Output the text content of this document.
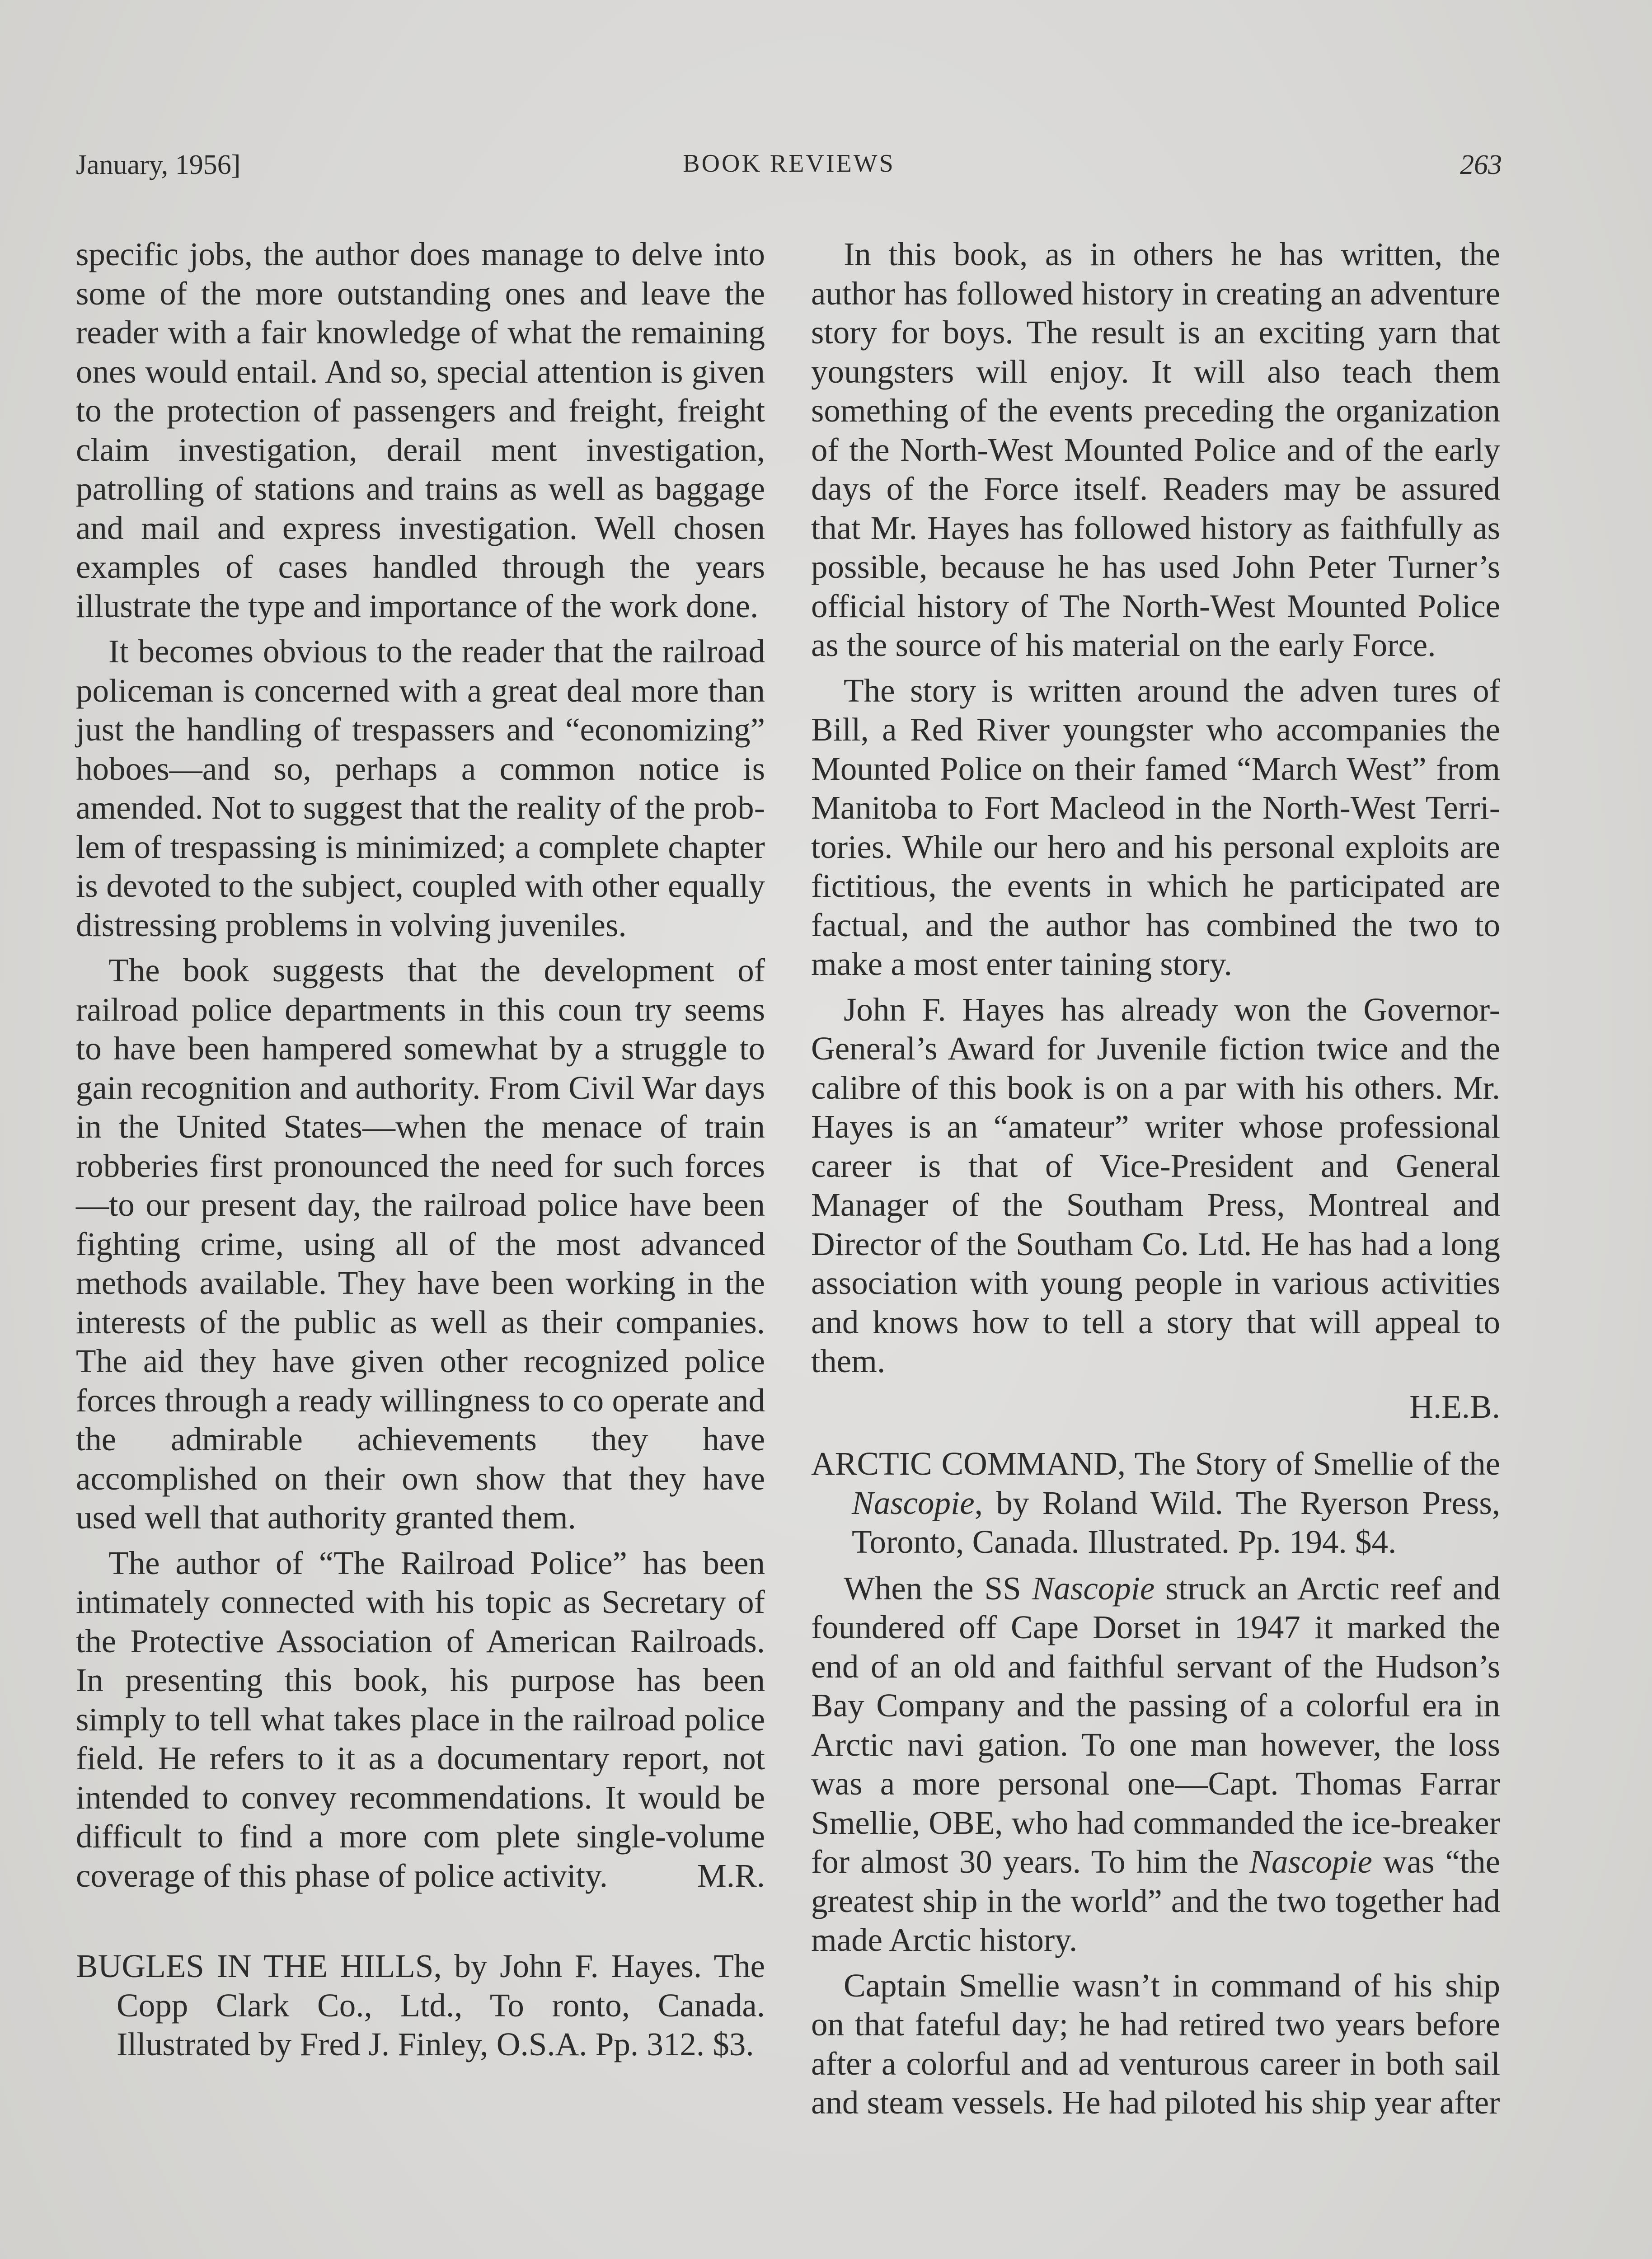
January, 1956]	BOOK REVIEWS	263

specific jobs, the author does manage to delve into some of the more outstanding ones and leave the reader with a fair knowledge of what the remaining ones would entail. And so, special attention is given to the protection of passengers and freight, freight claim investigation, derail ment investigation, patrolling of stations and trains as well as baggage and mail and express investigation. Well chosen examples of cases handled through the years illustrate the type and importance of the work done.

It becomes obvious to the reader that the railroad policeman is concerned with a great deal more than just the handling of trespassers and “economizing” hoboes—and so, perhaps a common notice is amended. Not to suggest that the reality of the prob lem of trespassing is minimized; a complete chapter is devoted to the subject, coupled with other equally distressing problems in volving juveniles.

The book suggests that the development of railroad police departments in this coun try seems to have been hampered somewhat by a struggle to gain recognition and authority. From Civil War days in the United States—when the menace of train robberies first pronounced the need for such forces—to our present day, the railroad police have been fighting crime, using all of the most advanced methods available. They have been working in the interests of the public as well as their companies. The aid they have given other recognized police forces through a ready willingness to co operate and the admirable achievements they have accomplished on their own show that they have used well that authority granted them.

The author of “The Railroad Police” has been intimately connected with his topic as Secretary of the Protective Association of American Railroads. In presenting this book, his purpose has been simply to tell what takes place in the railroad police field. He refers to it as a documentary report, not intended to convey recommendations. It would be difficult to find a more com plete single-volume coverage of this phase of police activity.	M.R.

BUGLES IN THE HILLS, by John F. Hayes. The Copp Clark Co., Ltd., To ronto, Canada. Illustrated by Fred J. Finley, O.S.A. Pp. 312. $3.

In this book, as in others he has written, the author has followed history in creating an adventure story for boys. The result is an exciting yarn that youngsters will enjoy. It will also teach them something of the events preceding the organization of the North-West Mounted Police and of the early days of the Force itself. Readers may be assured that Mr. Hayes has followed history as faithfully as possible, because he has used John Peter Turner’s official history of The North-West Mounted Police as the source of his material on the early Force.

The story is written around the adven tures of Bill, a Red River youngster who accompanies the Mounted Police on their famed “March West” from Manitoba to Fort Macleod in the North-West Terri tories. While our hero and his personal exploits are fictitious, the events in which he participated are factual, and the author has combined the two to make a most enter taining story.

John F. Hayes has already won the Governor-General’s Award for Juvenile fiction twice and the calibre of this book is on a par with his others. Mr. Hayes is an “amateur” writer whose professional career is that of Vice-President and General Manager of the Southam Press, Montreal and Director of the Southam Co. Ltd. He has had a long association with young people in various activities and knows how to tell a story that will appeal to them.

H.E.B.
ARCTIC COMMAND, The Story of Smellie of the Nascopie, by Roland Wild. The Ryerson Press, Toronto, Canada. Illustrated. Pp. 194. $4.

When the SS Nascopie struck an Arctic reef and foundered off Cape Dorset in 1947 it marked the end of an old and faithful servant of the Hudson’s Bay Company and the passing of a colorful era in Arctic navi gation. To one man however, the loss was a more personal one—Capt. Thomas Farrar Smellie, OBE, who had commanded the ice-breaker for almost 30 years. To him the Nascopie was “the greatest ship in the world” and the two together had made Arctic history.

Captain Smellie wasn’t in command of his ship on that fateful day; he had retired two years before after a colorful and ad venturous career in both sail and steam vessels. He had piloted his ship year after
